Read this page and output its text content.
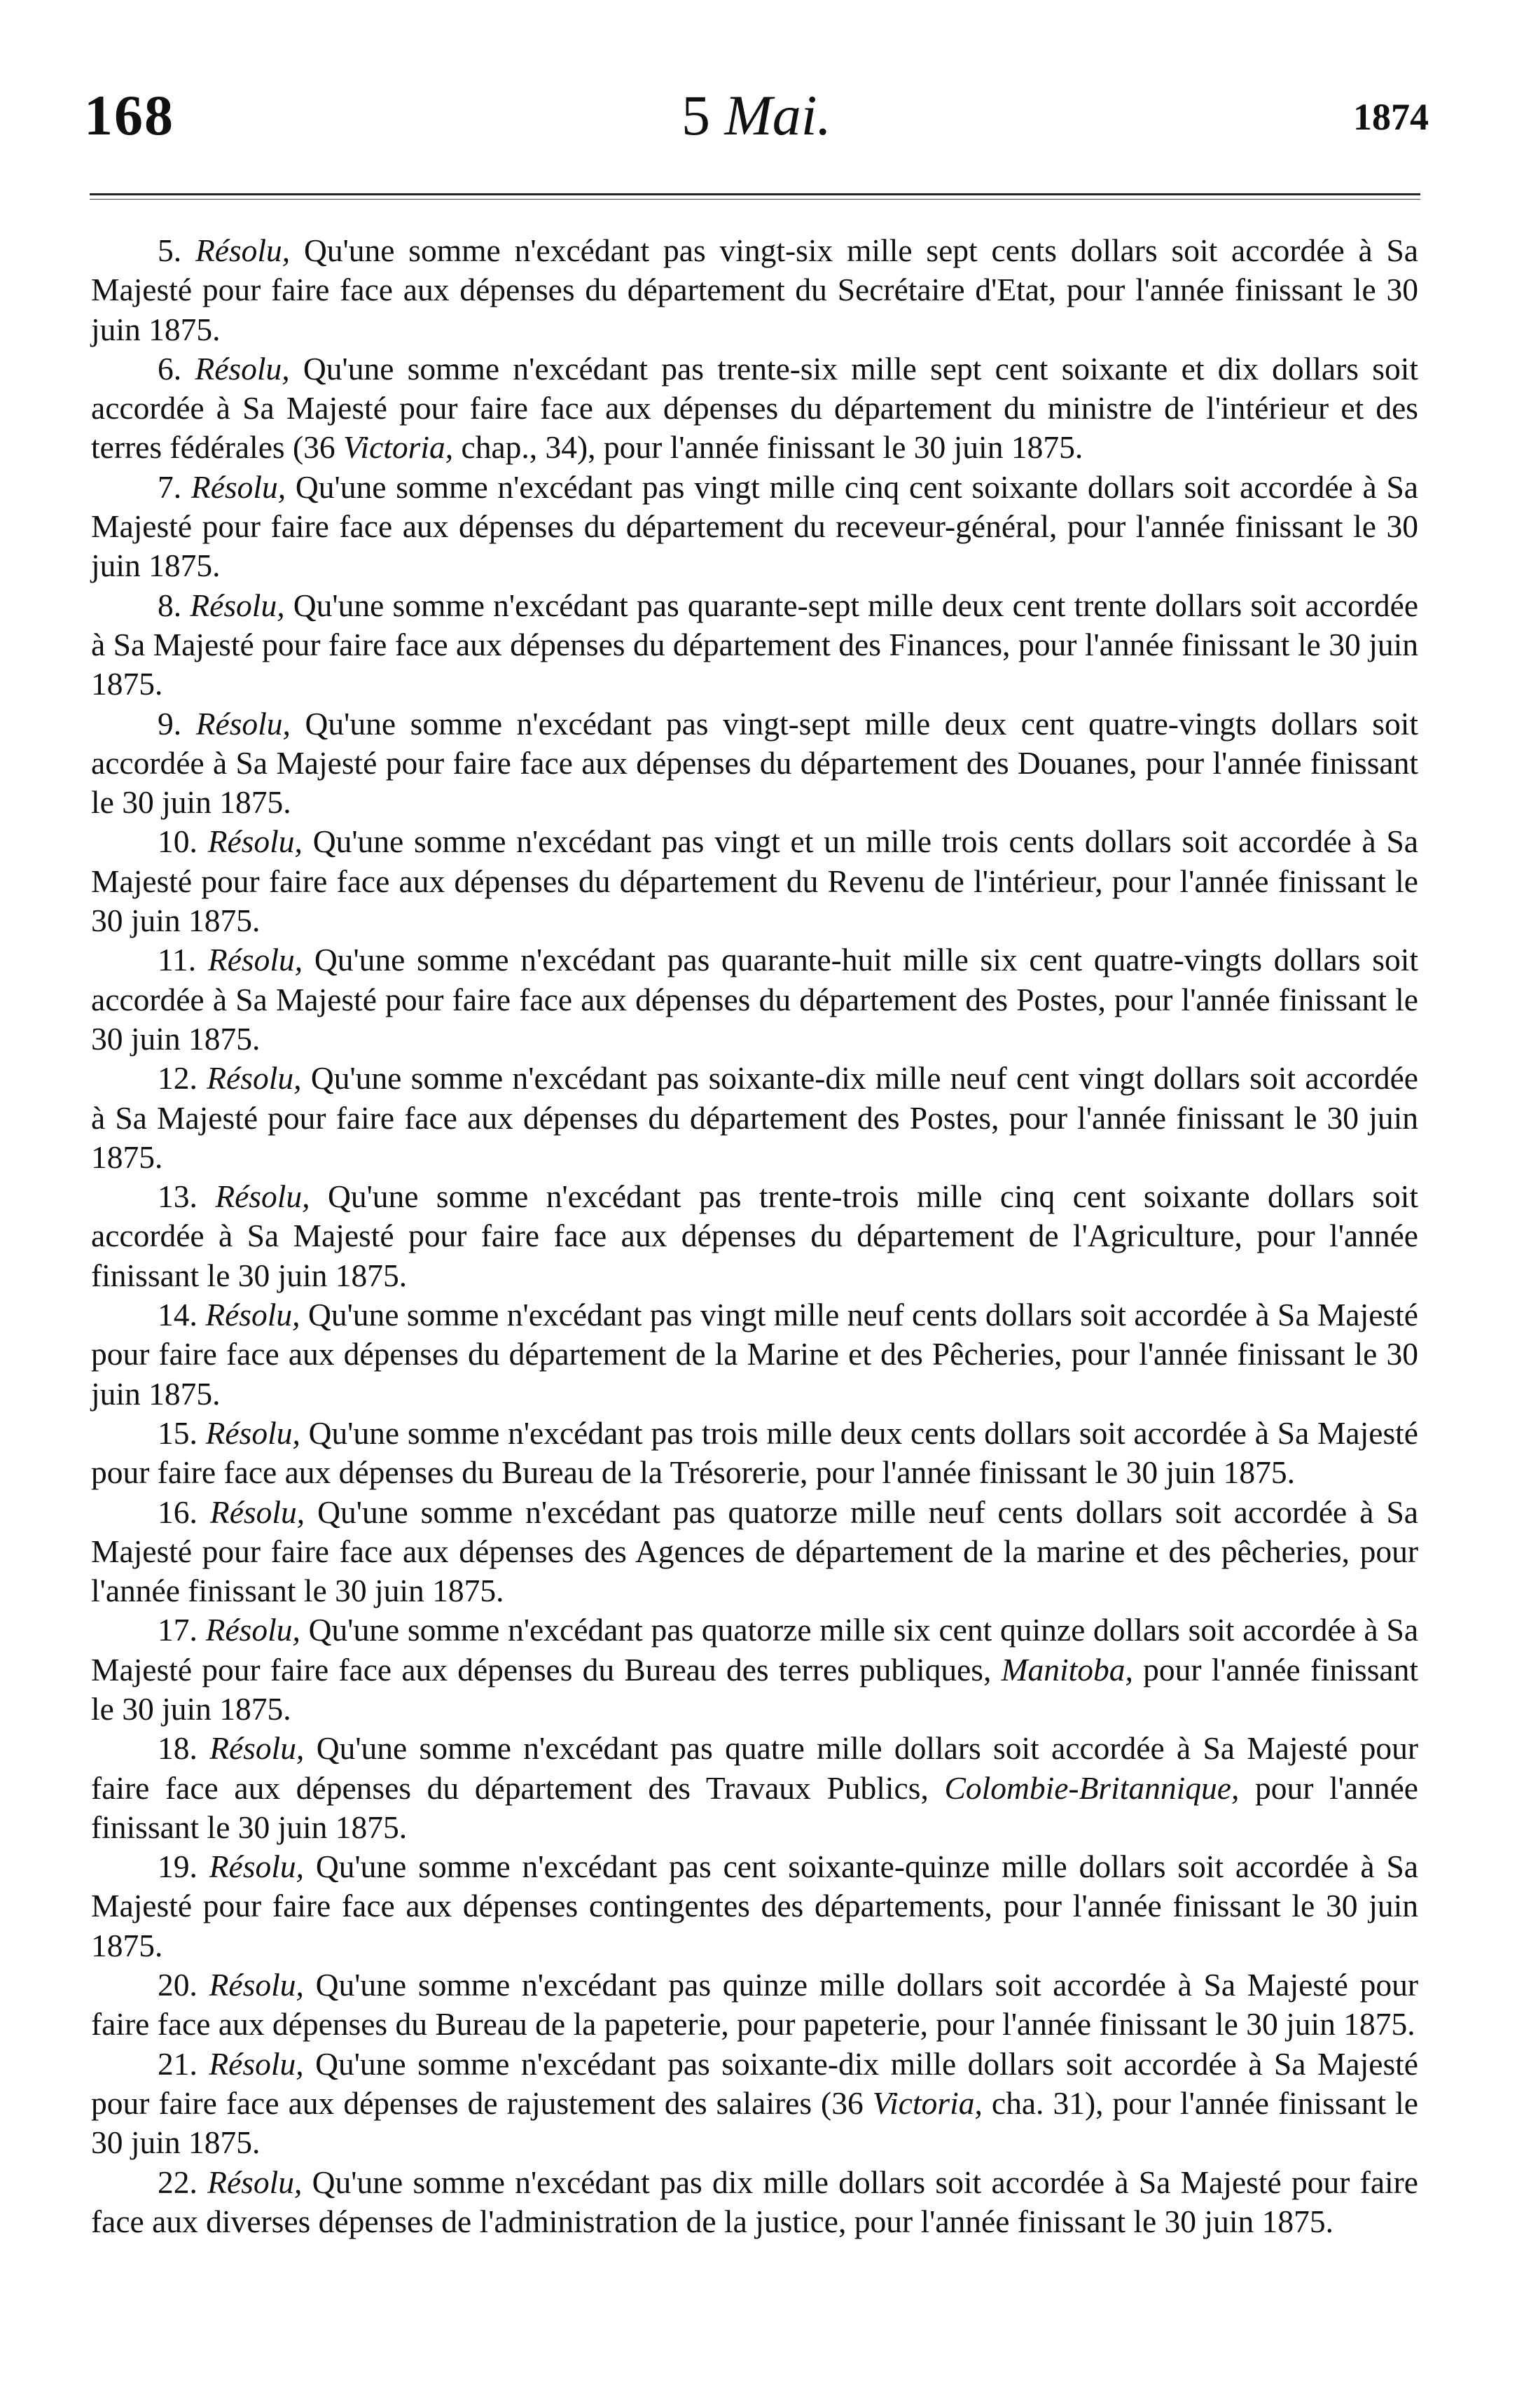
168	5 Mai.	1874

5. Résolu, Qu'une somme n'excédant pas vingt-six mille sept cents dollars soit accordée à Sa Majesté pour faire face aux dépenses du département du Secrétaire d'Etat, pour l'année finissant le 30 juin 1875.

6. Résolu, Qu'une somme n'excédant pas trente-six mille sept cent soixante et dix dollars soit accordée à Sa Majesté pour faire face aux dépenses du département du ministre de l'intérieur et des terres fédérales (36 Victoria, chap., 34), pour l'année finissant le 30 juin 1875.

7. Résolu, Qu'une somme n'excédant pas vingt mille cinq cent soixante dollars soit accordée à Sa Majesté pour faire face aux dépenses du département du receveur-général, pour l'année finissant le 30 juin 1875.

8. Résolu, Qu'une somme n'excédant pas quarante-sept mille deux cent trente dollars soit accordée à Sa Majesté pour faire face aux dépenses du département des Finances, pour l'année finissant le 30 juin 1875.

9. Résolu, Qu'une somme n'excédant pas vingt-sept mille deux cent quatre-vingts dollars soit accordée à Sa Majesté pour faire face aux dépenses du département des Douanes, pour l'année finissant le 30 juin 1875.

10. Résolu, Qu'une somme n'excédant pas vingt et un mille trois cents dollars soit accordée à Sa Majesté pour faire face aux dépenses du département du Revenu de l'intérieur, pour l'année finissant le 30 juin 1875.

11. Résolu, Qu'une somme n'excédant pas quarante-huit mille six cent quatre-vingts dollars soit accordée à Sa Majesté pour faire face aux dépenses du département des Postes, pour l'année finissant le 30 juin 1875.

12. Résolu, Qu'une somme n'excédant pas soixante-dix mille neuf cent vingt dollars soit accordée à Sa Majesté pour faire face aux dépenses du département des Postes, pour l'année finissant le 30 juin 1875.

13. Résolu, Qu'une somme n'excédant pas trente-trois mille cinq cent soixante dollars soit accordée à Sa Majesté pour faire face aux dépenses du département de l'Agriculture, pour l'année finissant le 30 juin 1875.

14. Résolu, Qu'une somme n'excédant pas vingt mille neuf cents dollars soit accordée à Sa Majesté pour faire face aux dépenses du département de la Marine et des Pêcheries, pour l'année finissant le 30 juin 1875.

15. Résolu, Qu'une somme n'excédant pas trois mille deux cents dollars soit accordée à Sa Majesté pour faire face aux dépenses du Bureau de la Trésorerie, pour l'année finissant le 30 juin 1875.

16. Résolu, Qu'une somme n'excédant pas quatorze mille neuf cents dollars soit accordée à Sa Majesté pour faire face aux dépenses des Agences de département de la marine et des pêcheries, pour l'année finissant le 30 juin 1875.

17. Résolu, Qu'une somme n'excédant pas quatorze mille six cent quinze dollars soit accordée à Sa Majesté pour faire face aux dépenses du Bureau des terres publiques, Manitoba, pour l'année finissant le 30 juin 1875.

18. Résolu, Qu'une somme n'excédant pas quatre mille dollars soit accordée à Sa Majesté pour faire face aux dépenses du département des Travaux Publics, Colombie-Britannique, pour l'année finissant le 30 juin 1875.

19. Résolu, Qu'une somme n'excédant pas cent soixante-quinze mille dollars soit accordée à Sa Majesté pour faire face aux dépenses contingentes des départements, pour l'année finissant le 30 juin 1875.

20. Résolu, Qu'une somme n'excédant pas quinze mille dollars soit accordée à Sa Majesté pour faire face aux dépenses du Bureau de la papeterie, pour papeterie, pour l'année finissant le 30 juin 1875.

21. Résolu, Qu'une somme n'excédant pas soixante-dix mille dollars soit accordée à Sa Majesté pour faire face aux dépenses de rajustement des salaires (36 Victoria, cha. 31), pour l'année finissant le 30 juin 1875.

22. Résolu, Qu'une somme n'excédant pas dix mille dollars soit accordée à Sa Majesté pour faire face aux diverses dépenses de l'administration de la justice, pour l'année finissant le 30 juin 1875.
